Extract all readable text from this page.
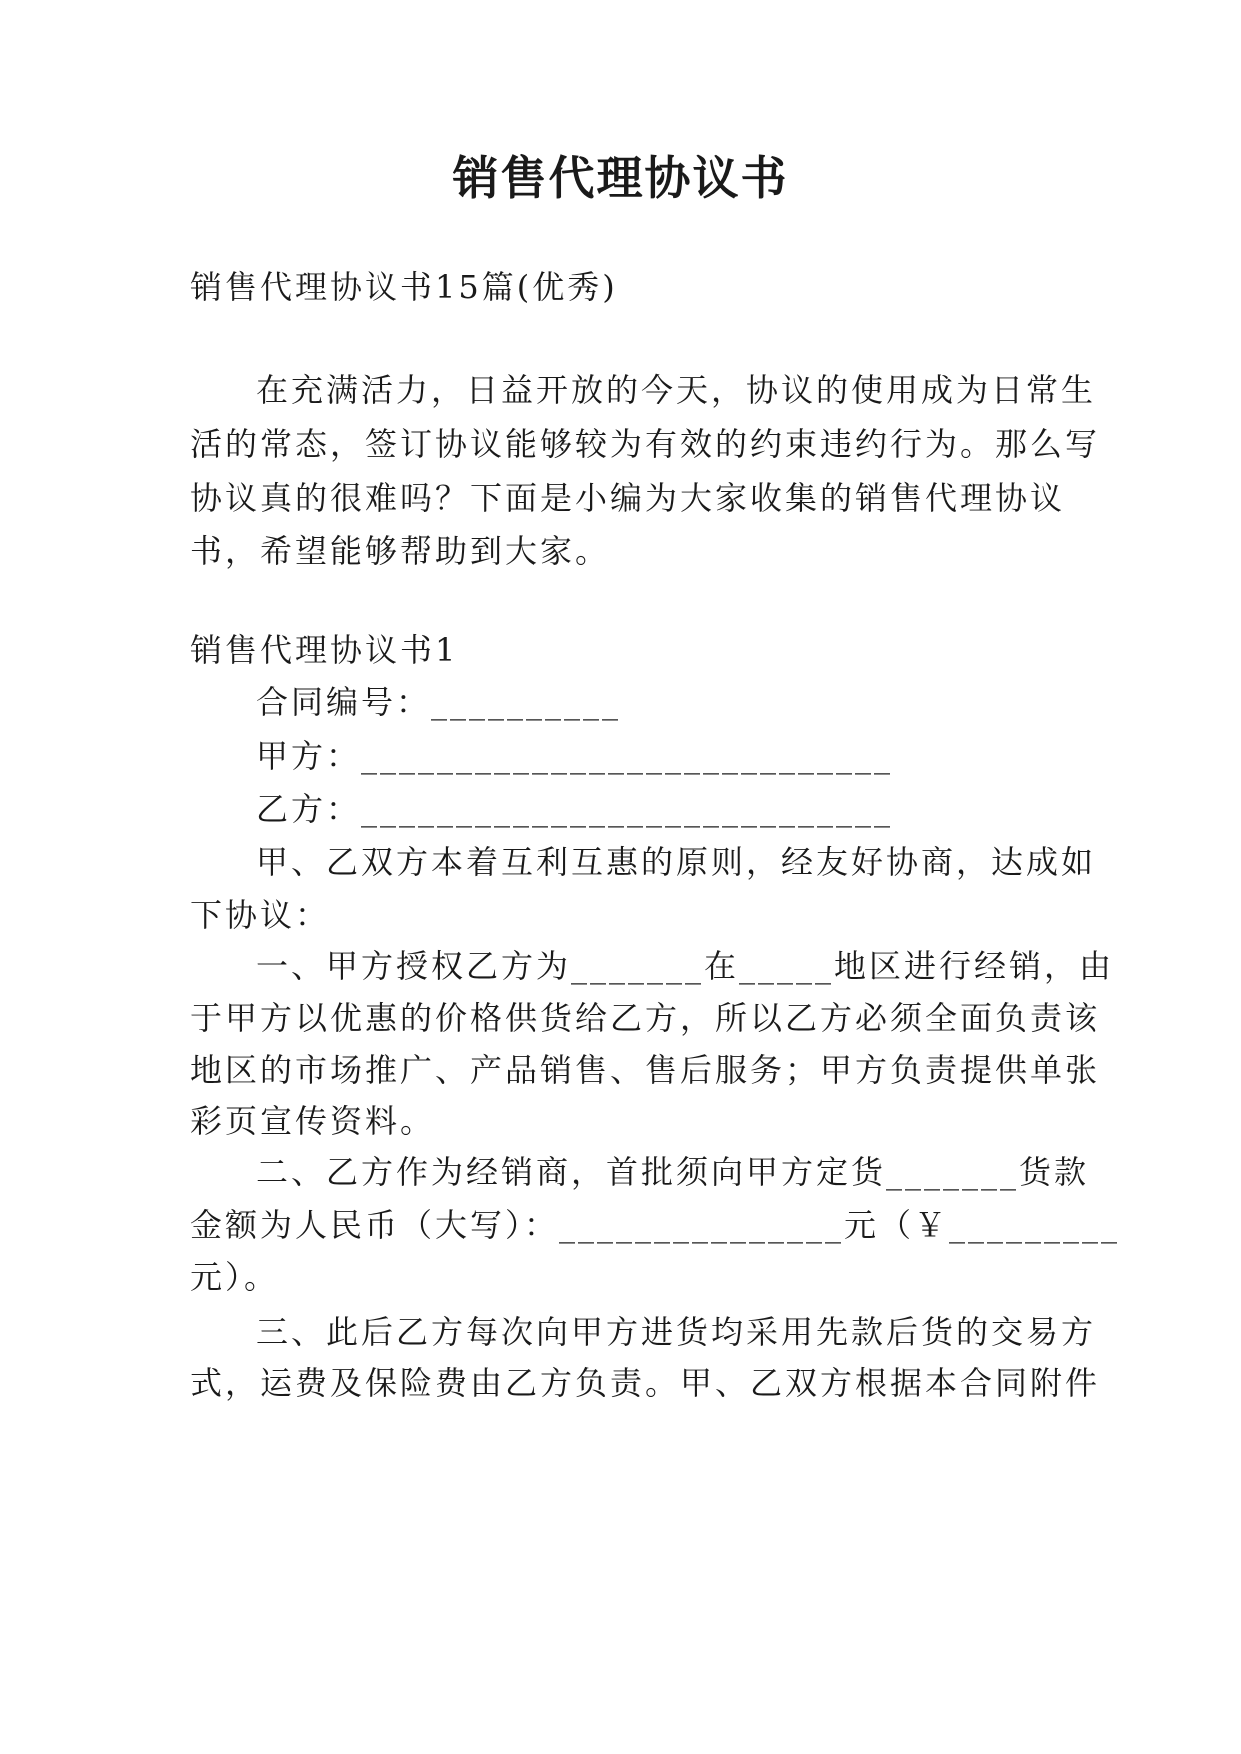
销售代理协议书
销售代理协议书15篇(优秀)
在充满活力，日益开放的今天，协议的使用成为日常生
活的常态，签订协议能够较为有效的约束违约行为。那么写
协议真的很难吗？下面是小编为大家收集的销售代理协议
书，希望能够帮助到大家。
销售代理协议书1
合同编号：__________
甲方：____________________________
乙方：____________________________
甲、乙双方本着互利互惠的原则，经友好协商，达成如
下协议：
一、甲方授权乙方为_______在_____地区进行经销，由
于甲方以优惠的价格供货给乙方，所以乙方必须全面负责该
地区的市场推广、产品销售、售后服务；甲方负责提供单张
彩页宣传资料。
二、乙方作为经销商，首批须向甲方定货_______货款
金额为人民币（大写）：_______________元（￥_________
元）。
三、此后乙方每次向甲方进货均采用先款后货的交易方
式，运费及保险费由乙方负责。甲、乙双方根据本合同附件
